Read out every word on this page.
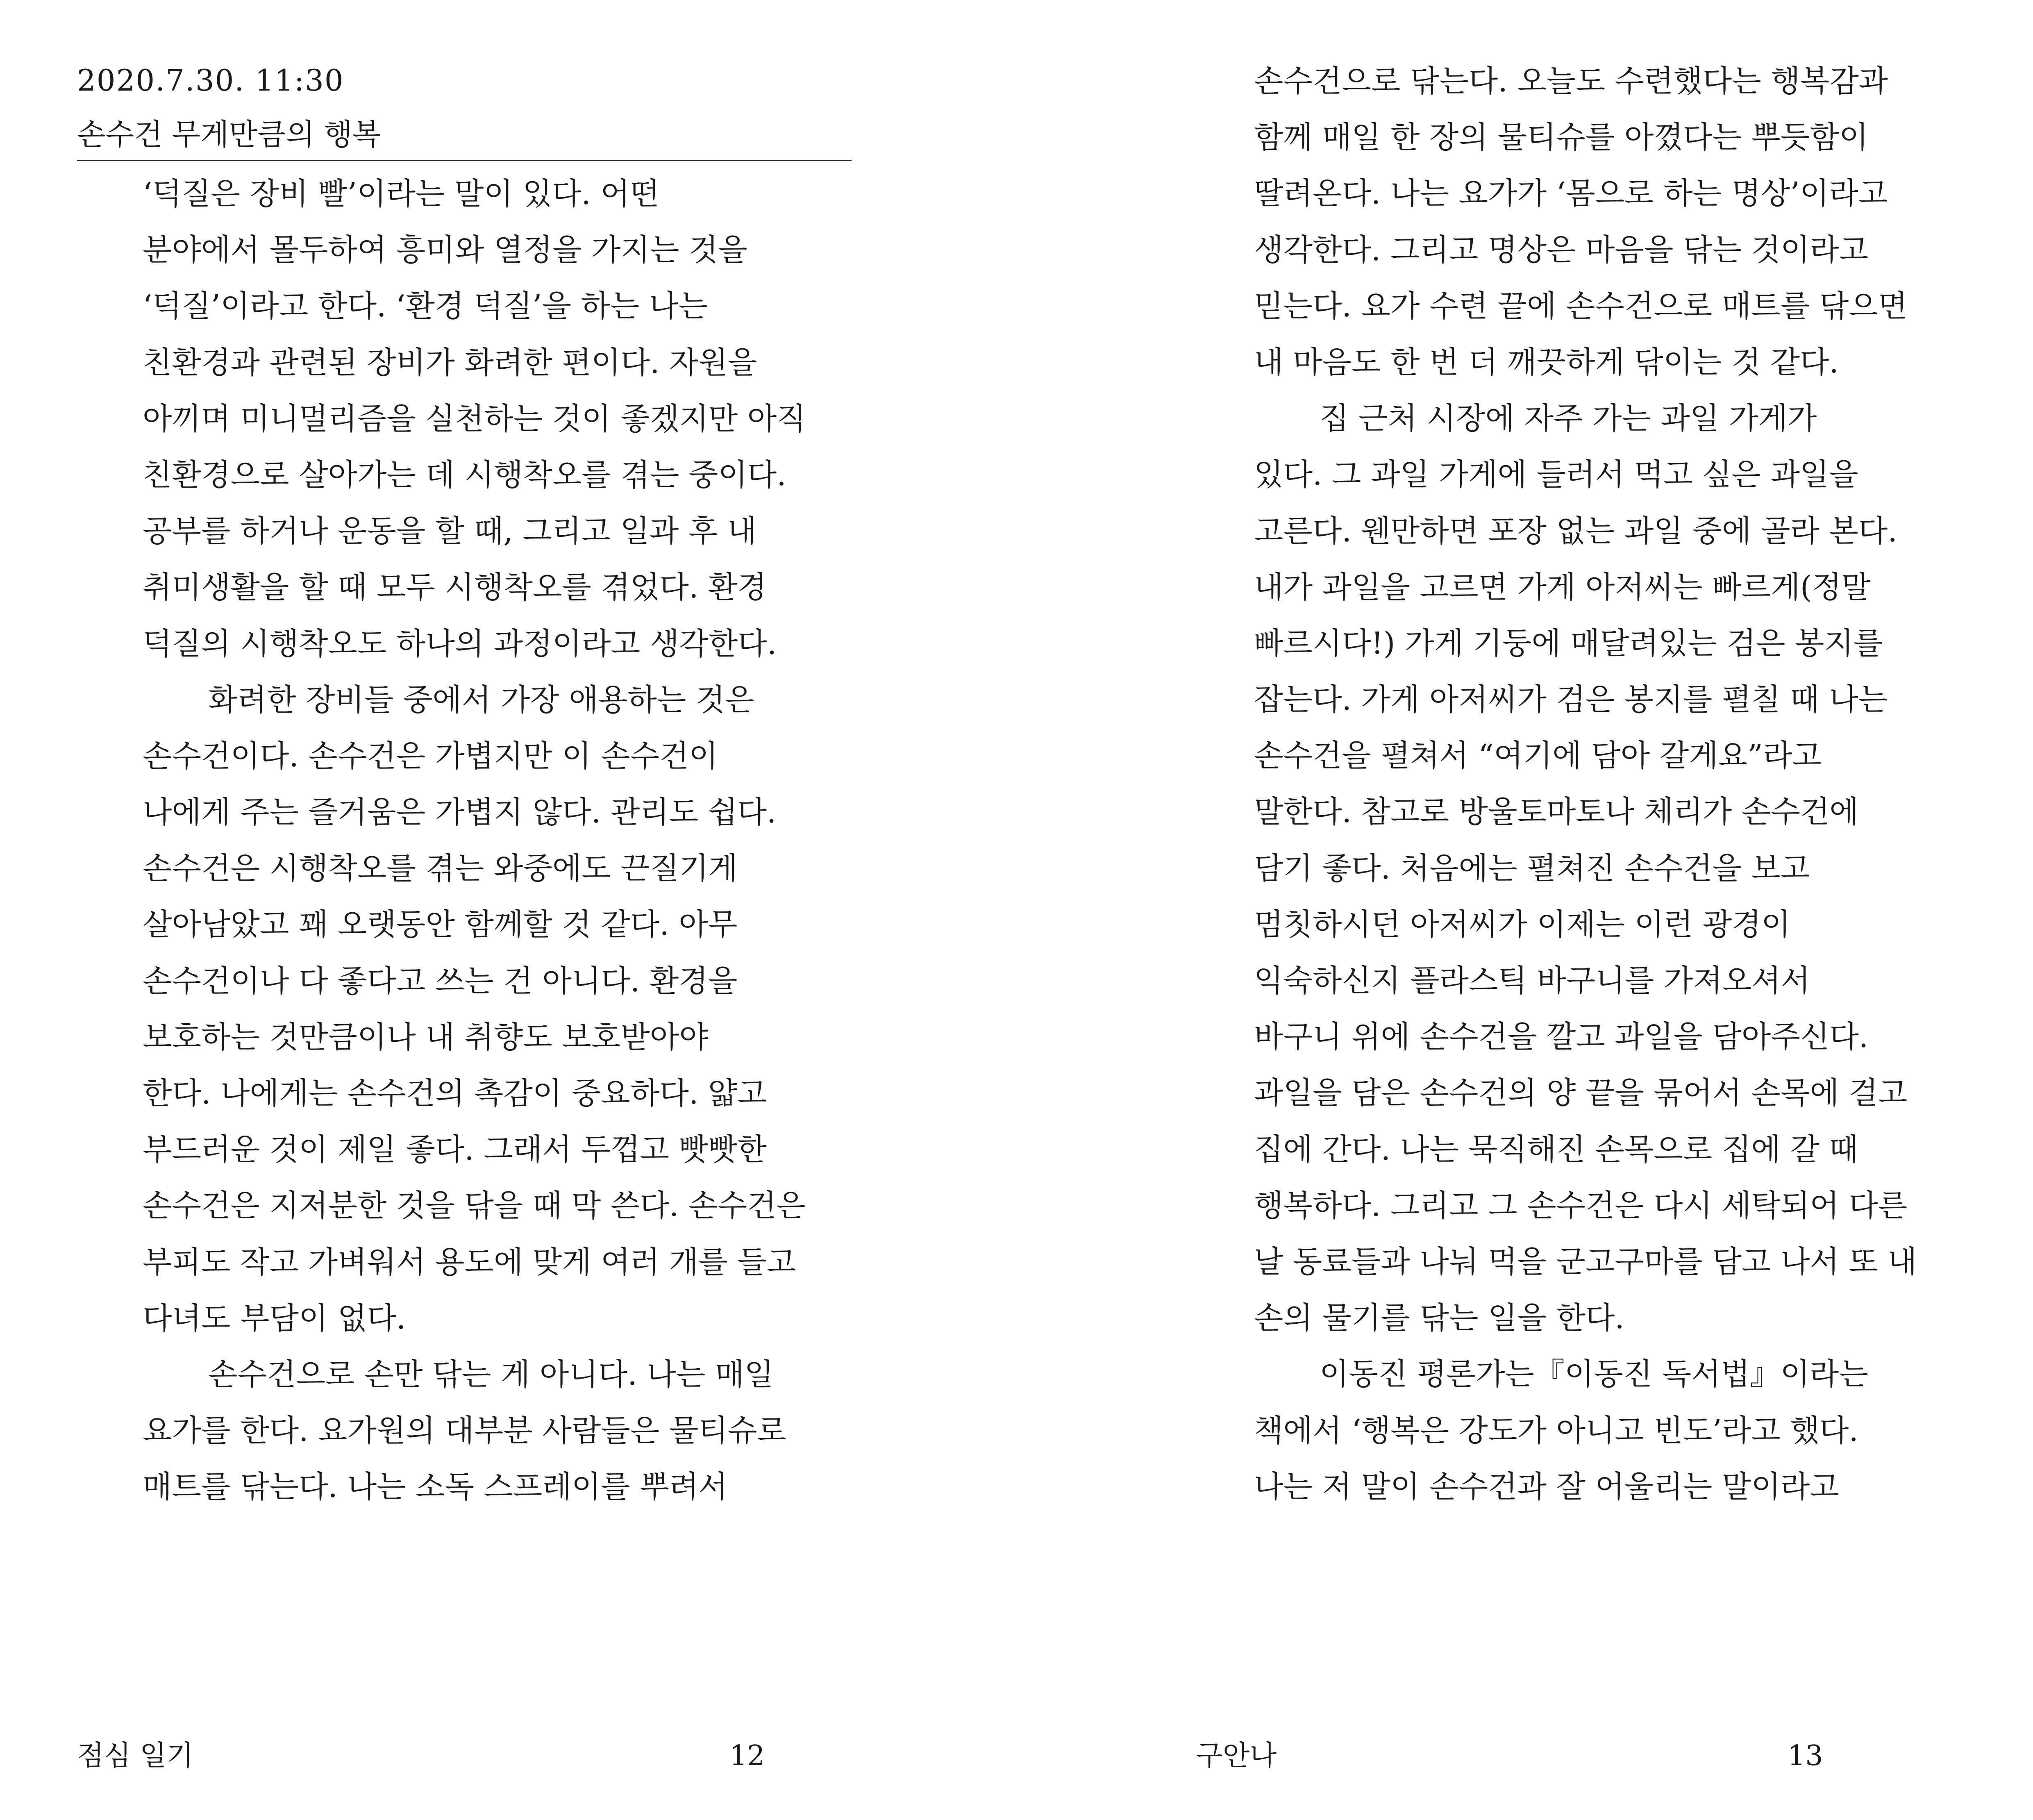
2020.7.30. 11:30
손수건 무게만큼의 행복
‘덕질은 장비 빨’이라는 말이 있다. 어떤
분야에서 몰두하여 흥미와 열정을 가지는 것을
‘덕질’이라고 한다. ‘환경 덕질’을 하는 나는
친환경과 관련된 장비가 화려한 편이다. 자원을
아끼며 미니멀리즘을 실천하는 것이 좋겠지만 아직
친환경으로 살아가는 데 시행착오를 겪는 중이다.
공부를 하거나 운동을 할 때, 그리고 일과 후 내
취미생활을 할 때 모두 시행착오를 겪었다. 환경
덕질의 시행착오도 하나의 과정이라고 생각한다.
화려한 장비들 중에서 가장 애용하는 것은
손수건이다. 손수건은 가볍지만 이 손수건이
나에게 주는 즐거움은 가볍지 않다. 관리도 쉽다.
손수건은 시행착오를 겪는 와중에도 끈질기게
살아남았고 꽤 오랫동안 함께할 것 같다. 아무
손수건이나 다 좋다고 쓰는 건 아니다. 환경을
보호하는 것만큼이나 내 취향도 보호받아야
한다. 나에게는 손수건의 촉감이 중요하다. 얇고
부드러운 것이 제일 좋다. 그래서 두껍고 빳빳한
손수건은 지저분한 것을 닦을 때 막 쓴다. 손수건은
부피도 작고 가벼워서 용도에 맞게 여러 개를 들고
다녀도 부담이 없다.
손수건으로 손만 닦는 게 아니다. 나는 매일
요가를 한다. 요가원의 대부분 사람들은 물티슈로
매트를 닦는다. 나는 소독 스프레이를 뿌려서
점심 일기	12
손수건으로 닦는다. 오늘도 수련했다는 행복감과
함께 매일 한 장의 물티슈를 아꼈다는 뿌듯함이
딸려온다. 나는 요가가 ‘몸으로 하는 명상’이라고
생각한다. 그리고 명상은 마음을 닦는 것이라고
믿는다. 요가 수련 끝에 손수건으로 매트를 닦으면
내 마음도 한 번 더 깨끗하게 닦이는 것 같다.
집 근처 시장에 자주 가는 과일 가게가
있다. 그 과일 가게에 들러서 먹고 싶은 과일을
고른다. 웬만하면 포장 없는 과일 중에 골라 본다.
내가 과일을 고르면 가게 아저씨는 빠르게(정말
빠르시다!) 가게 기둥에 매달려있는 검은 봉지를
잡는다. 가게 아저씨가 검은 봉지를 펼칠 때 나는
손수건을 펼쳐서 “여기에 담아 갈게요”라고
말한다. 참고로 방울토마토나 체리가 손수건에
담기 좋다. 처음에는 펼쳐진 손수건을 보고
멈칫하시던 아저씨가 이제는 이런 광경이
익숙하신지 플라스틱 바구니를 가져오셔서
바구니 위에 손수건을 깔고 과일을 담아주신다.
과일을 담은 손수건의 양 끝을 묶어서 손목에 걸고
집에 간다. 나는 묵직해진 손목으로 집에 갈 때
행복하다. 그리고 그 손수건은 다시 세탁되어 다른
날 동료들과 나눠 먹을 군고구마를 담고 나서 또 내
손의 물기를 닦는 일을 한다.
이동진 평론가는『이동진 독서법』이라는
책에서 ‘행복은 강도가 아니고 빈도’라고 했다.
나는 저 말이 손수건과 잘 어울리는 말이라고
구안나	13
